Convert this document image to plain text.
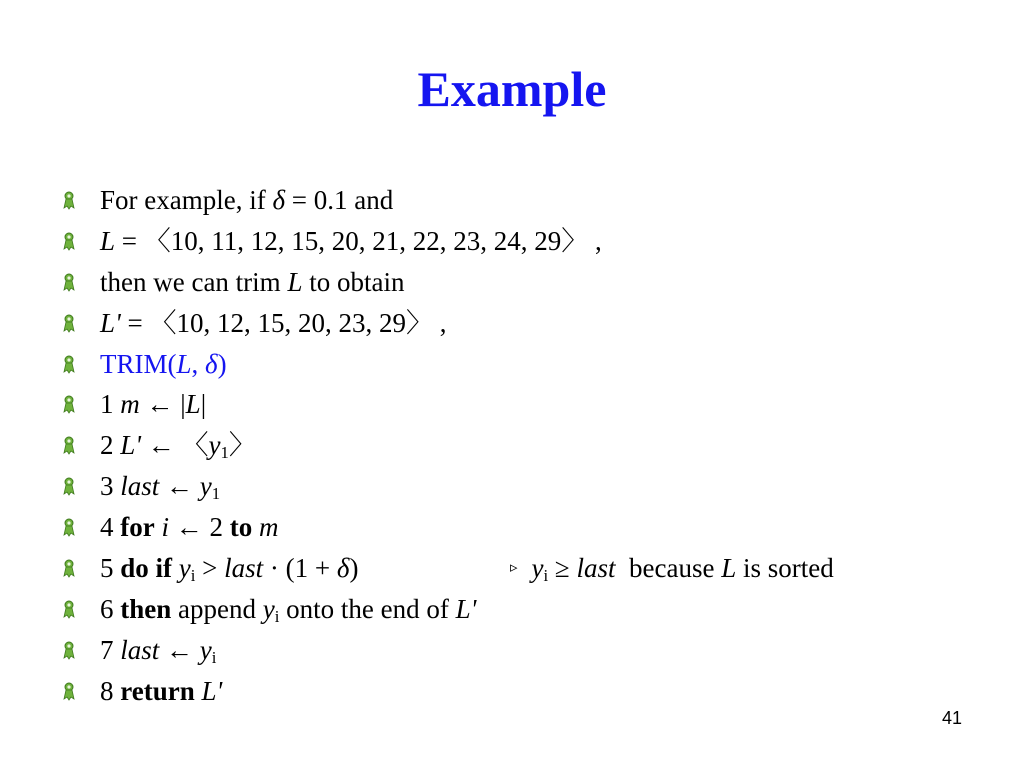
Example
For example, if δ = 0.1 and
L = 〈10, 11, 12, 15, 20, 21, 22, 23, 24, 29〉 ,
then we can trim L to obtain
L' = 〈10, 12, 15, 20, 23, 29〉 ,
TRIM(L, δ)
1 m ← |L|
2 L' ← 〈$y_1$〉
3 last ← $y_1$
4 for i ← 2 to m
5 do if $y_i$ > last · (1 + δ)	▹ $y_i$ ≥ last  because L is sorted
6 then append $y_i$ onto the end of L'
7 last ← $y_i$
8 return L'
41
